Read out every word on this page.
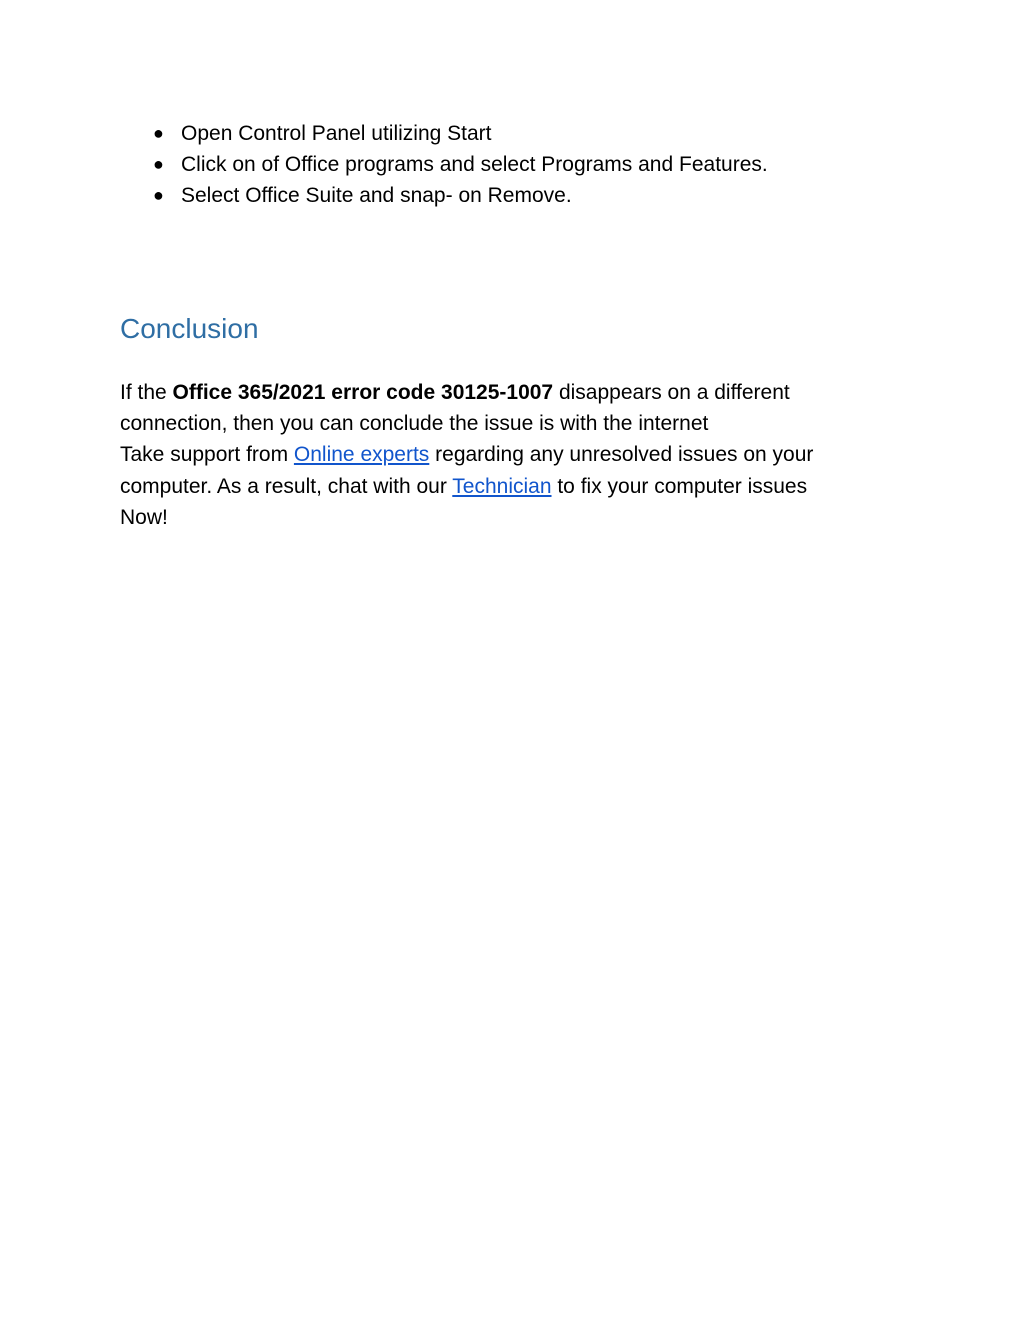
● Open Control Panel utilizing Start
● Click on of Office programs and select Programs and Features.
● Select Office Suite and snap- on Remove.
Conclusion
If the Office 365/2021 error code 30125-1007 disappears on a different
connection, then you can conclude the issue is with the internet
Take support from Online experts regarding any unresolved issues on your
computer. As a result, chat with our Technician to fix your computer issues
Now!
